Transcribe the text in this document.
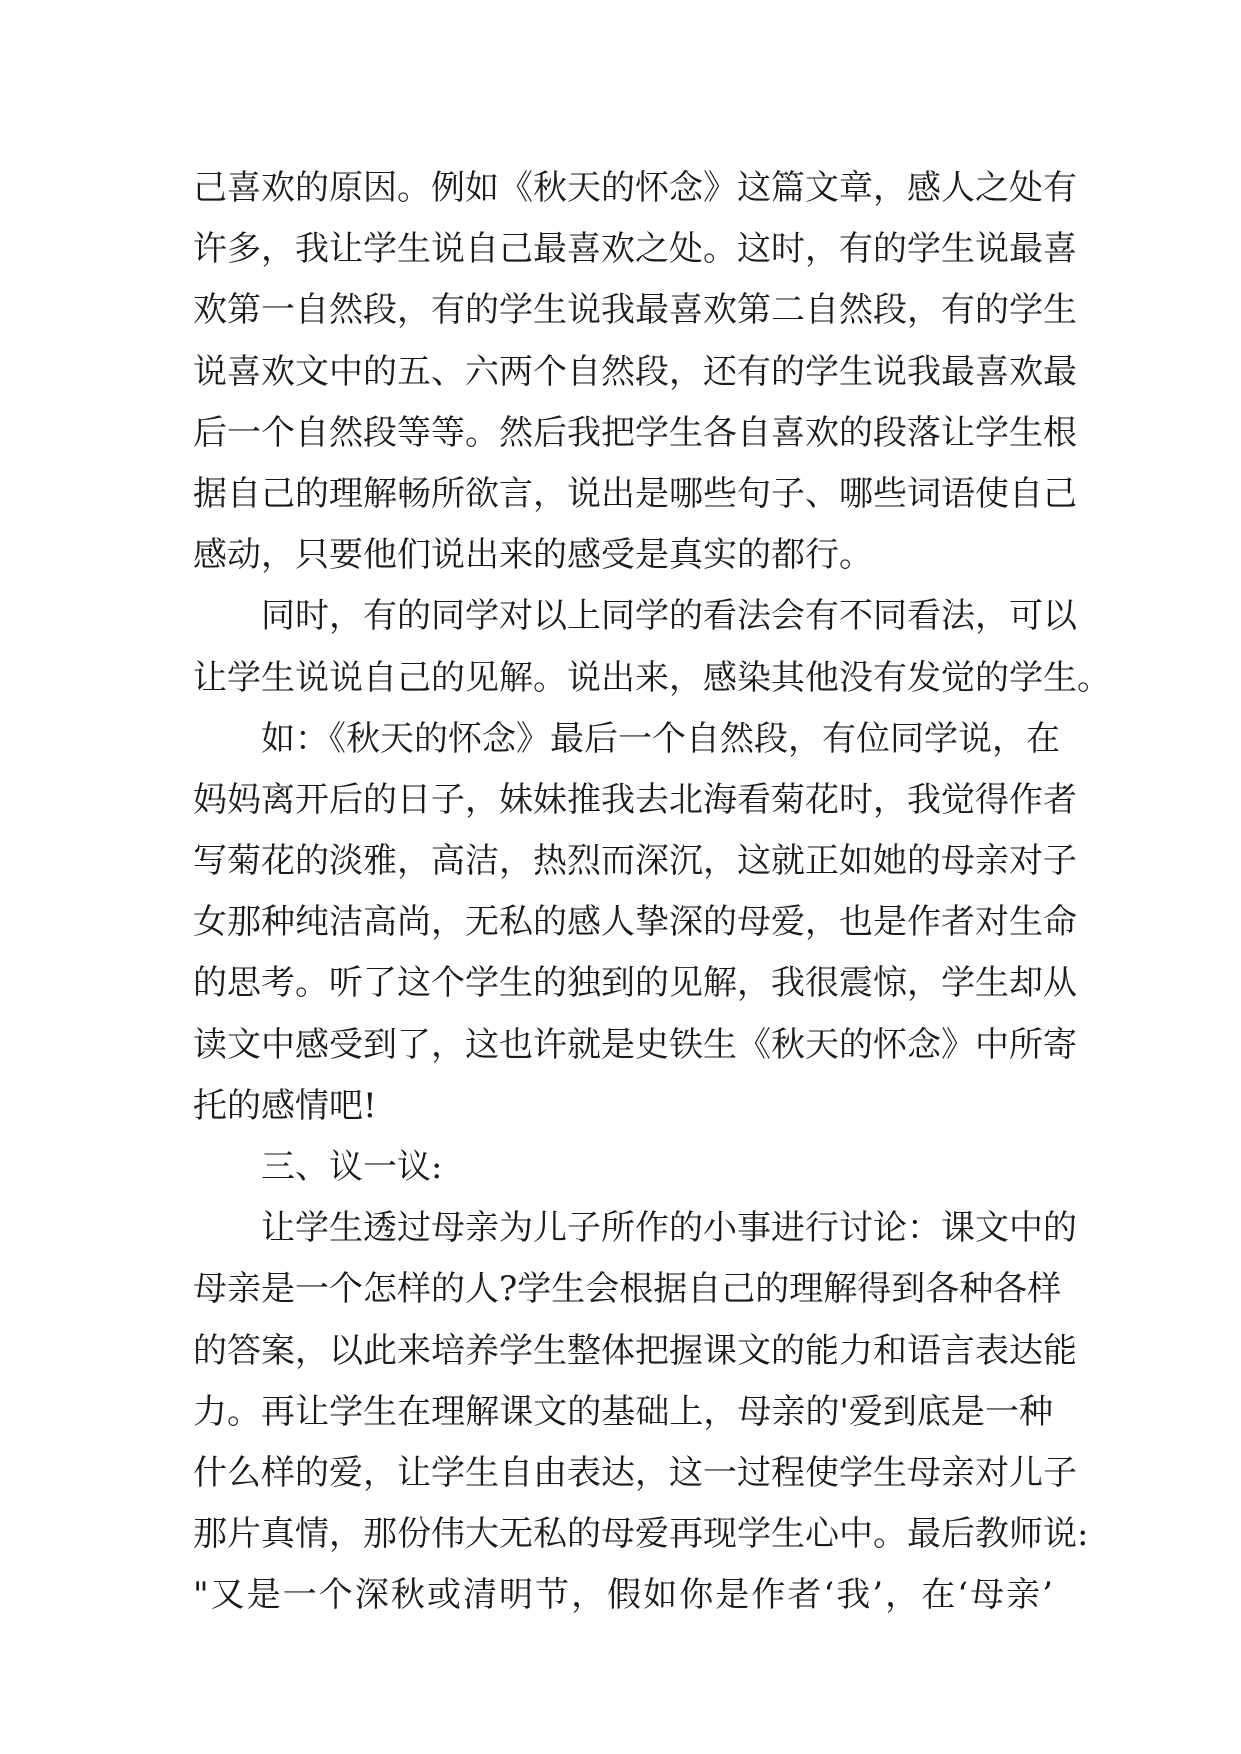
己喜欢的原因。例如《秋天的怀念》这篇文章，感人之处有
许多，我让学生说自己最喜欢之处。这时，有的学生说最喜
欢第一自然段，有的学生说我最喜欢第二自然段，有的学生
说喜欢文中的五、六两个自然段，还有的学生说我最喜欢最
后一个自然段等等。然后我把学生各自喜欢的段落让学生根
据自己的理解畅所欲言，说出是哪些句子、哪些词语使自己
感动，只要他们说出来的感受是真实的都行。
同时，有的同学对以上同学的看法会有不同看法，可以
让学生说说自己的见解。说出来，感染其他没有发觉的学生。
如：《秋天的怀念》最后一个自然段，有位同学说，在
妈妈离开后的日子，妹妹推我去北海看菊花时，我觉得作者
写菊花的淡雅，高洁，热烈而深沉，这就正如她的母亲对子
女那种纯洁高尚，无私的感人挚深的母爱，也是作者对生命
的思考。听了这个学生的独到的见解，我很震惊，学生却从
读文中感受到了，这也许就是史铁生《秋天的怀念》中所寄
托的感情吧!
三、议一议:
让学生透过母亲为儿子所作的小事进行讨论：课文中的
母亲是一个怎样的人?学生会根据自己的理解得到各种各样
的答案，以此来培养学生整体把握课文的能力和语言表达能
力。再让学生在理解课文的基础上，母亲的'爱到底是一种
什么样的爱，让学生自由表达，这一过程使学生母亲对儿子
那片真情，那份伟大无私的母爱再现学生心中。最后教师说:
"又是一个深秋或清明节，假如你是作者‘我’，在‘母亲’
